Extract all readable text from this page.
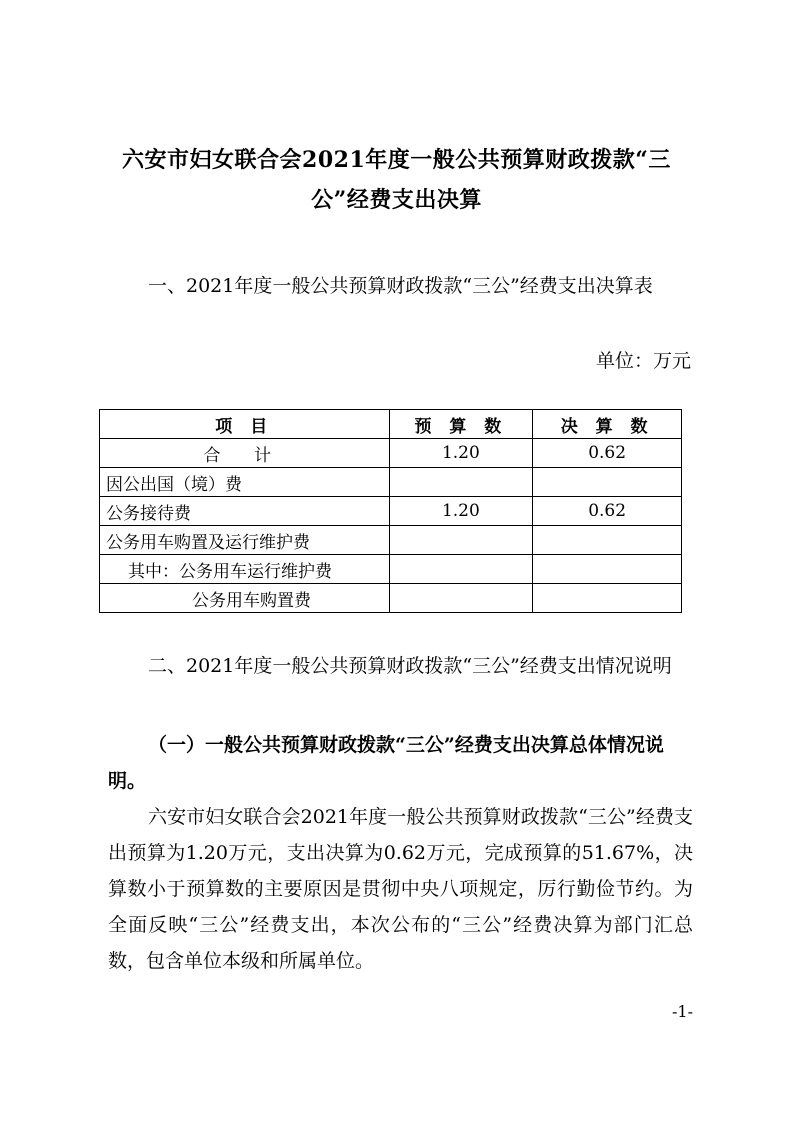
六安市妇女联合会2021年度一般公共预算财政拨款“三公”经费支出决算
一、2021年度一般公共预算财政拨款“三公”经费支出决算表
单位：万元
项 目	预 算 数	决 算 数
合 计	1.20	0.62
因公出国（境）费		
公务接待费	1.20	0.62
公务用车购置及运行维护费		
其中：公务用车运行维护费		
公务用车购置费		
二、2021年度一般公共预算财政拨款“三公”经费支出情况说明
（一）一般公共预算财政拨款“三公”经费支出决算总体情况说明。
六安市妇女联合会2021年度一般公共预算财政拨款“三公”经费支出预算为1.20万元，支出决算为0.62万元，完成预算的51.67%，决算数小于预算数的主要原因是贯彻中央八项规定，厉行勤俭节约。为全面反映“三公”经费支出，本次公布的“三公”经费决算为部门汇总数，包含单位本级和所属单位。
-1-
